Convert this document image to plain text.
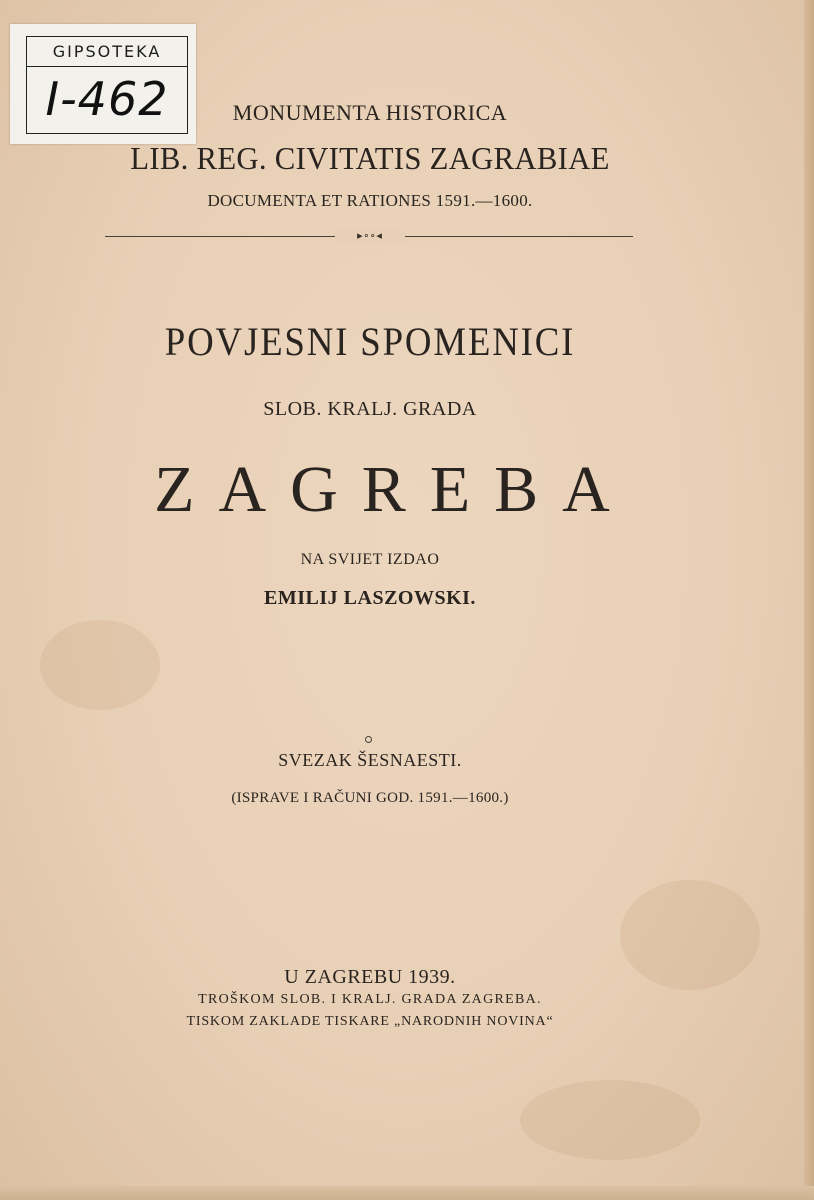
GIPSOTEKA
I-462	MONUMENTA HISTORICA
LIB. REG. CIVITATIS ZAGRABIAE
DOCUMENTA ET RATIONES 1591.—1600.
▸∘∘◂
POVJESNI SPOMENICI
SLOB. KRALJ. GRADA
ZAGREBA
NA SVIJET IZDAO
EMILIJ LASZOWSKI.
SVEZAK ŠESNAESTI.
(ISPRAVE I RAČUNI GOD. 1591.—1600.)
U ZAGREBU 1939.
TROŠKOM SLOB. I KRALJ. GRADA ZAGREBA.
TISKOM ZAKLADE TISKARE „NARODNIH NOVINA“
